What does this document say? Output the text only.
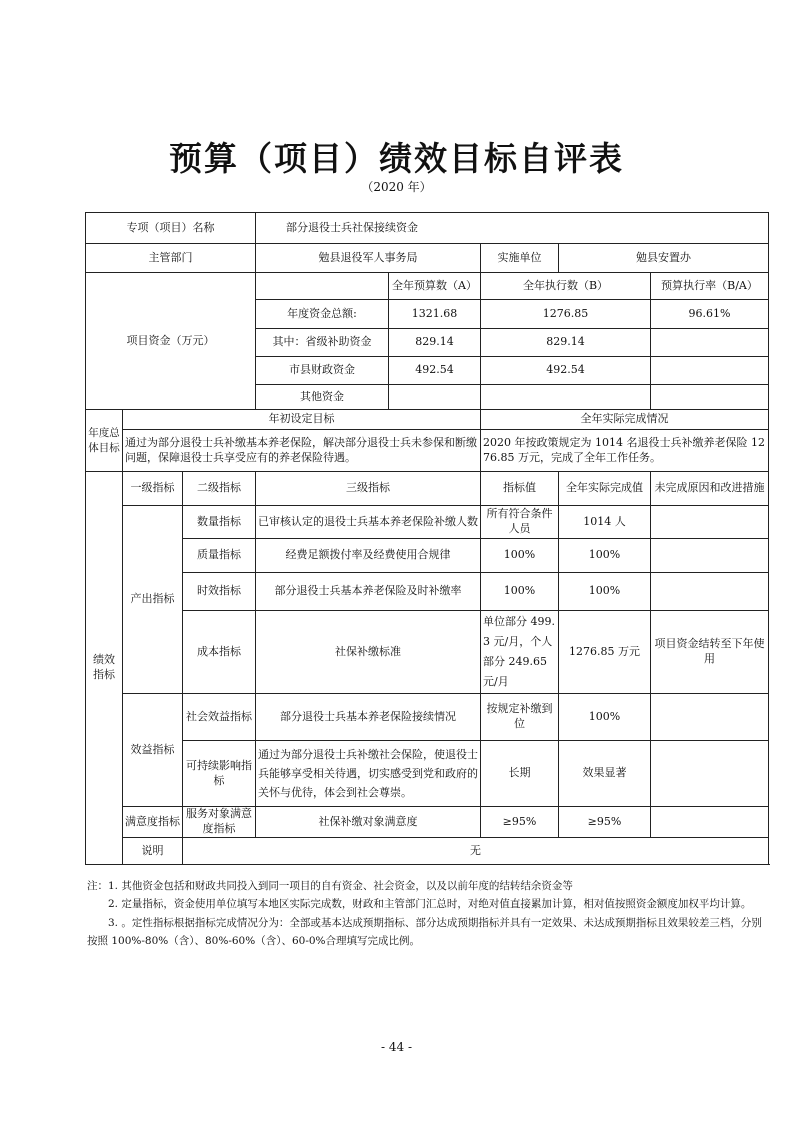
预算（项目）绩效目标自评表
（2020 年）
专项（项目）名称			部分退役士兵社保接续资金				
主管部门			勉县退役军人事务局		实施单位	勉县安置办	
项目资金（万元）				全年预算数（A）	全年执行数（B）		预算执行率（B/A）
			年度资金总额:	1321.68	1276.85		96.61%
			其中：省级补助资金	829.14	829.14		
			市县财政资金	492.54	492.54		
			其他资金				
年度总体目标	年初设定目标				全年实际完成情况		
	通过为部分退役士兵补缴基本养老保险，解决部分退役士兵未参保和断缴问题，保障退役士兵享受应有的养老保险待遇。				2020 年按政策规定为 1014 名退役士兵补缴养老保险 1276.85 万元，完成了全年工作任务。		
绩效指标	一级指标	二级指标	三级指标		指标值	全年实际完成值	未完成原因和改进措施
	产出指标	数量指标	已审核认定的退役士兵基本养老保险补缴人数		所有符合条件人员	1014 人	
		质量指标	经费足额拨付率及经费使用合规律		100%	100%	
		时效指标	部分退役士兵基本养老保险及时补缴率		100%	100%	
		成本指标	社保补缴标准		单位部分 499.3 元/月，个人部分 249.65 元/月	1276.85 万元	项目资金结转至下年使用
	效益指标	社会效益指标	部分退役士兵基本养老保险接续情况		按规定补缴到位	100%	
		可持续影响指标	通过为部分退役士兵补缴社会保险，使退役士兵能够享受相关待遇，切实感受到党和政府的关怀与优待，体会到社会尊崇。		长期	效果显著	
	满意度指标	服务对象满意度指标	社保补缴对象满意度		≥95%	≥95%	
	说明	无					

注：1. 其他资金包括和财政共同投入到同一项目的自有资金、社会资金，以及以前年度的结转结余资金等

2. 定量指标，资金使用单位填写本地区实际完成数，财政和主管部门汇总时，对绝对值直接累加计算，相对值按照资金额度加权平均计算。

3. 。定性指标根据指标完成情况分为：全部或基本达成预期指标、部分达成预期指标并具有一定效果、未达成预期指标且效果较差三档，分别按照 100%-80%（含）、80%-60%（含）、60-0%合理填写完成比例。

- 44 -
